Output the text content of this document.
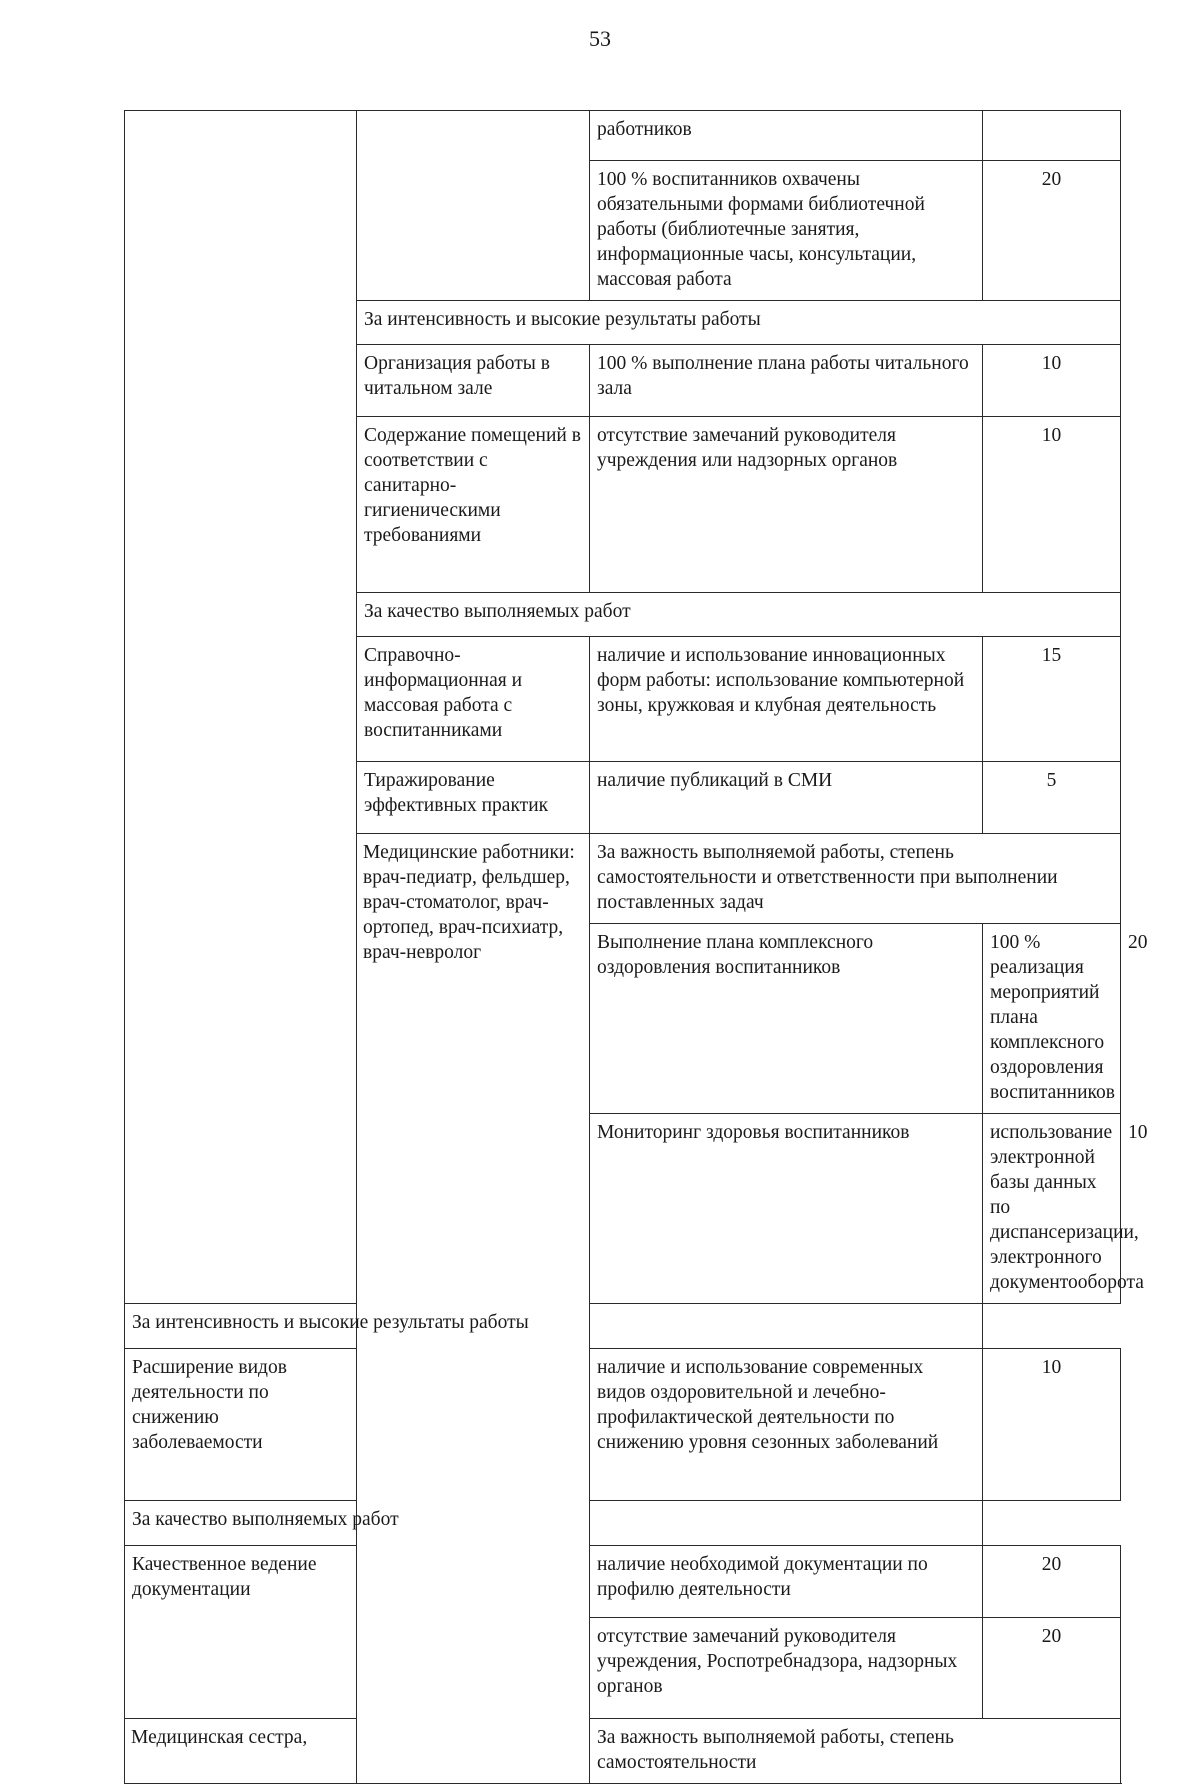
53
		работников		
		100 % воспитанников охвачены обязательными формами библиотечной работы (библиотечные занятия, информационные часы, консультации, массовая работа	20	
	За интенсивность и высокие результаты работы			
	Организация работы в читальном зале	100 % выполнение плана работы читального зала	10	
	Содержание помещений в соответствии с санитарно-гигиеническими требованиями	отсутствие замечаний руководителя учреждения или надзорных органов	10	
	За качество выполняемых работ			
	Справочно-информационная и массовая работа с воспитанниками	наличие и использование инновационных форм работы: использование компьютерной зоны, кружковая и клубная деятельность	15	
	Тиражирование эффективных практик	наличие публикаций в СМИ	5	
	Медицинские работники: врач-педиатр, фельдшер, врач-стоматолог, врач-ортопед, врач-психиатр, врач-невролог	За важность выполняемой работы, степень самостоятельности и ответственности при выполнении поставленных задач		
		Выполнение плана комплексного оздоровления воспитанников	100 % реализация мероприятий плана комплексного оздоровления воспитанников	20
		Мониторинг здоровья воспитанников	использование электронной базы данных по диспансеризации, электронного документооборота	10
За интенсивность и высокие результаты работы				
Расширение видов деятельности по снижению заболеваемости		наличие и использование современных видов оздоровительной и лечебно-профилактической деятельности по снижению уровня сезонных заболеваний	10	
За качество выполняемых работ				
Качественное ведение документации		наличие необходимой документации по профилю деятельности	20	
		отсутствие замечаний руководителя учреждения, Роспотребнадзора, надзорных органов	20	
Медицинская сестра,		За важность выполняемой работы, степень самостоятельности		
